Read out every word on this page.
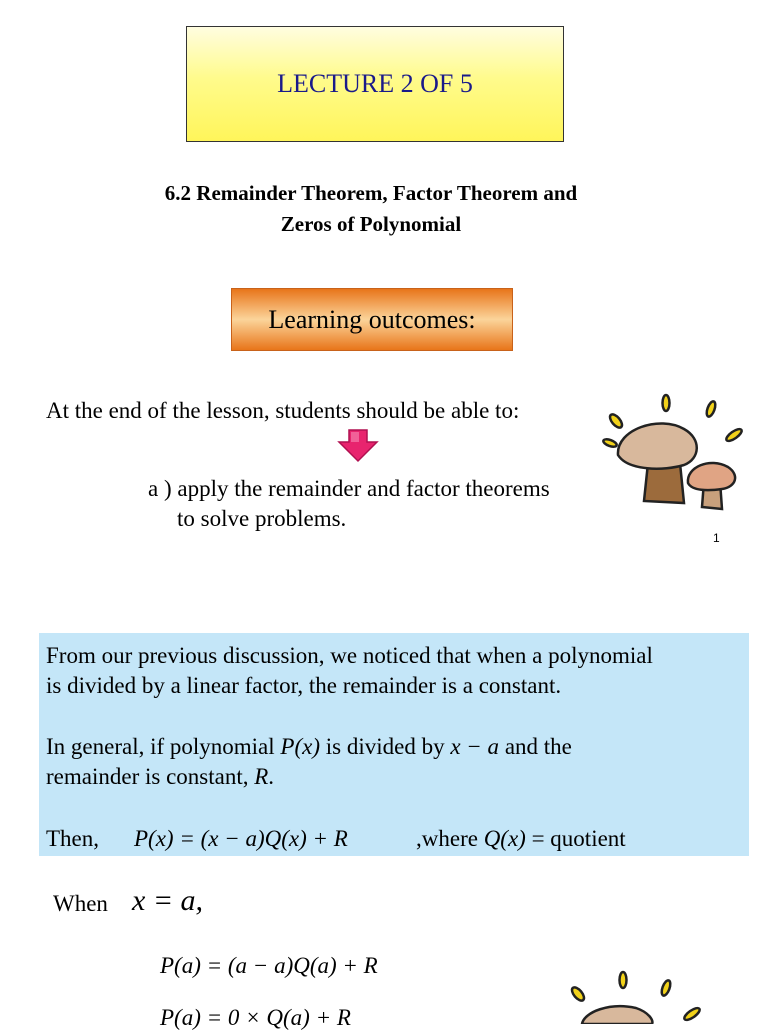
LECTURE 2 OF 5
6.2 Remainder Theorem, Factor Theorem and
Zeros of Polynomial
Learning outcomes:
At the end of the lesson, students should be able to:
a ) apply the remainder and factor theorems
to solve problems.
1
From our previous discussion, we noticed that when a polynomial
is divided by a linear factor, the remainder is a constant.
In general, if polynomial P(x) is divided by x − a and the
remainder is constant, R.
Then, P(x) = (x − a)Q(x) + R	,where Q(x) = quotient
When x = a,
P(a) = (a − a)Q(a) + R
P(a) = 0 × Q(a) + R
